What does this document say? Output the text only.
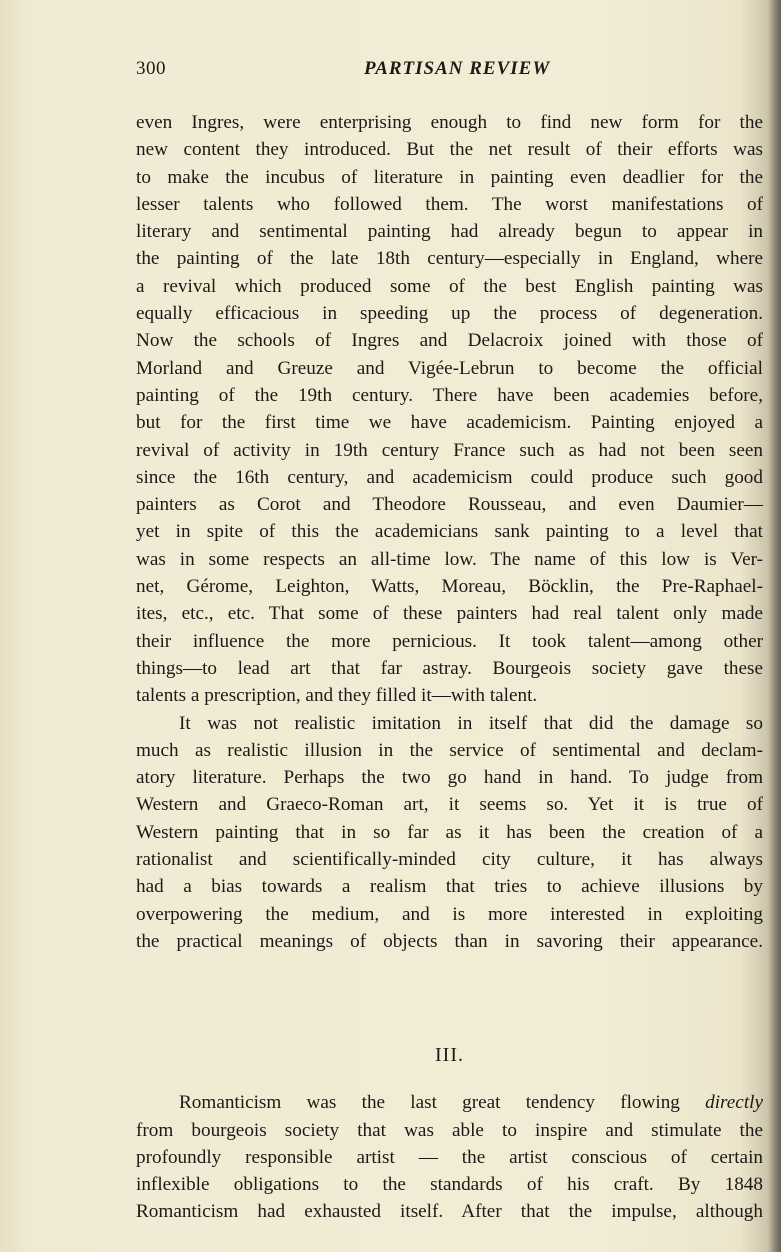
300	PARTISAN REVIEW
even Ingres, were enterprising enough to find new form for the
new content they introduced. But the net result of their efforts was
to make the incubus of literature in painting even deadlier for the
lesser talents who followed them. The worst manifestations of
literary and sentimental painting had already begun to appear in
the painting of the late 18th century—especially in England, where
a revival which produced some of the best English painting was
equally efficacious in speeding up the process of degeneration.
Now the schools of Ingres and Delacroix joined with those of
Morland and Greuze and Vigée-Lebrun to become the official
painting of the 19th century. There have been academies before,
but for the first time we have academicism. Painting enjoyed a
revival of activity in 19th century France such as had not been seen
since the 16th century, and academicism could produce such good
painters as Corot and Theodore Rousseau, and even Daumier—
yet in spite of this the academicians sank painting to a level that
was in some respects an all-time low. The name of this low is Ver-
net, Gérome, Leighton, Watts, Moreau, Böcklin, the Pre-Raphael-
ites, etc., etc. That some of these painters had real talent only made
their influence the more pernicious. It took talent—among other
things—to lead art that far astray. Bourgeois society gave these
talents a prescription, and they filled it—with talent.
It was not realistic imitation in itself that did the damage so
much as realistic illusion in the service of sentimental and declam-
atory literature. Perhaps the two go hand in hand. To judge from
Western and Graeco-Roman art, it seems so. Yet it is true of
Western painting that in so far as it has been the creation of a
rationalist and scientifically-minded city culture, it has always
had a bias towards a realism that tries to achieve illusions by
overpowering the medium, and is more interested in exploiting
the practical meanings of objects than in savoring their appearance.
III.
Romanticism was the last great tendency flowing directly
from bourgeois society that was able to inspire and stimulate the
profoundly responsible artist — the artist conscious of certain
inflexible obligations to the standards of his craft. By 1848
Romanticism had exhausted itself. After that the impulse, although
